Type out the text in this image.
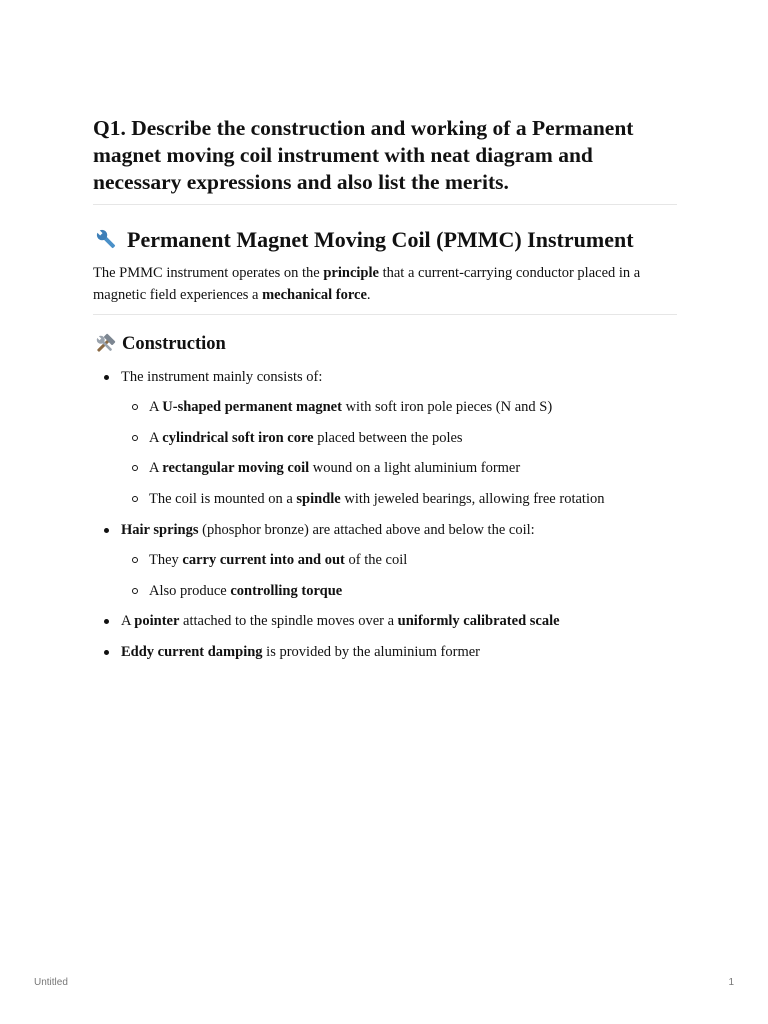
Q1. Describe the construction and working of a Permanent magnet moving coil instrument with neat diagram and necessary expressions and also list the merits.
Permanent Magnet Moving Coil (PMMC) Instrument

The PMMC instrument operates on the principle that a current-carrying conductor placed in a magnetic field experiences a mechanical force.

Construction
The instrument mainly consists of:
A U-shaped permanent magnet with soft iron pole pieces (N and S)
A cylindrical soft iron core placed between the poles
A rectangular moving coil wound on a light aluminium former
The coil is mounted on a spindle with jeweled bearings, allowing free rotation
Hair springs (phosphor bronze) are attached above and below the coil:
They carry current into and out of the coil
Also produce controlling torque
A pointer attached to the spindle moves over a uniformly calibrated scale
Eddy current damping is provided by the aluminium former
Untitled	1
